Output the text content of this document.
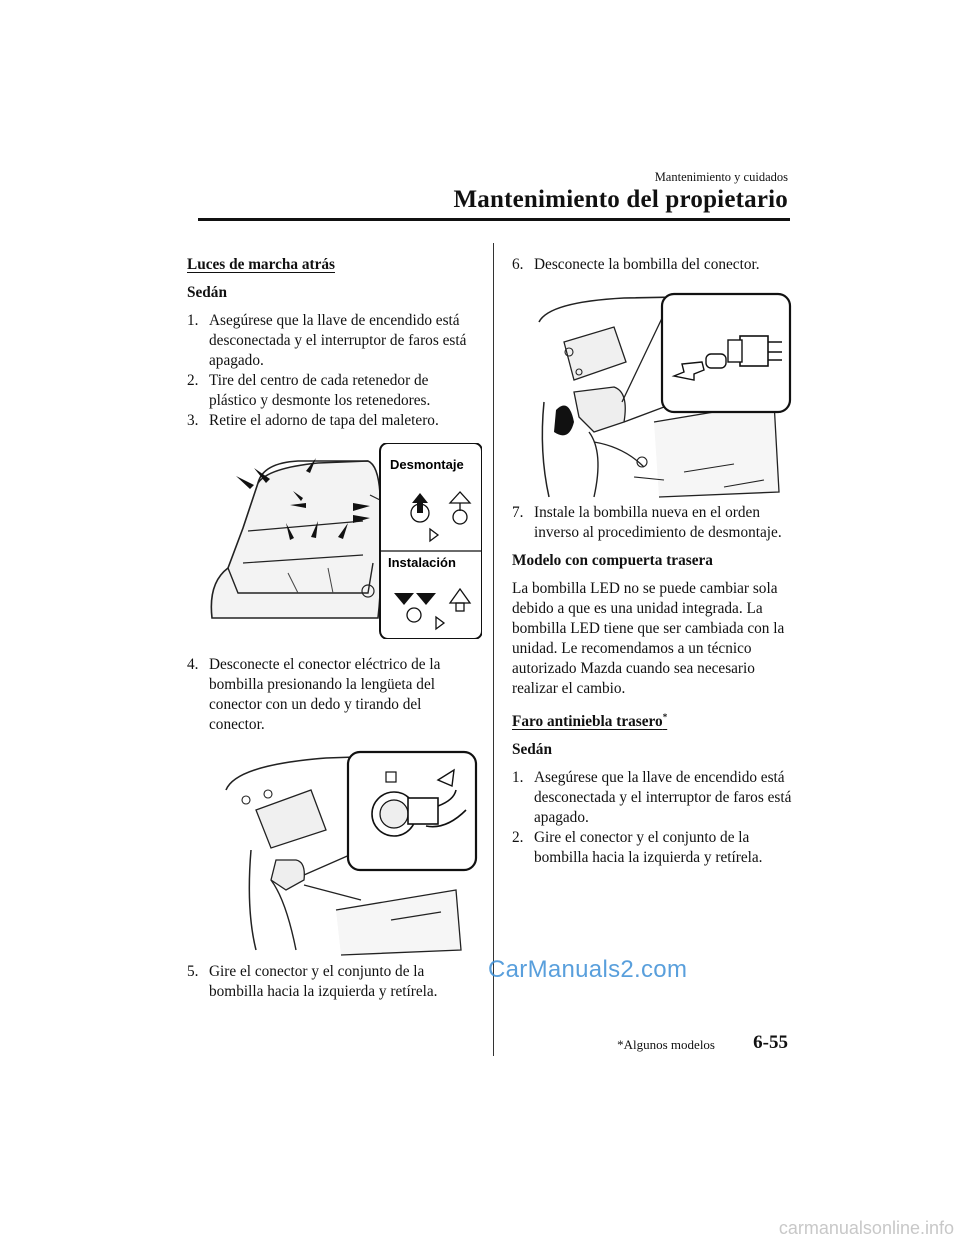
Mantenimiento y cuidados
Mantenimiento del propietario

Luces de marcha atrás

Sedán

1. Asegúrese que la llave de encendido está desconectada y el interruptor de faros está apagado.
2. Tire del centro de cada retenedor de plástico y desmonte los retenedores.
3. Retire el adorno de tapa del maletero.
Desmontaje
Instalación
4. Desconecte el conector eléctrico de la bombilla presionando la lengüeta del conector con un dedo y tirando del conector.
5. Gire el conector y el conjunto de la bombilla hacia la izquierda y retírela.
6. Desconecte la bombilla del conector.
7. Instale la bombilla nueva en el orden inverso al procedimiento de desmontaje.

Modelo con compuerta trasera

La bombilla LED no se puede cambiar sola debido a que es una unidad integrada. La bombilla LED tiene que ser cambiada con la unidad. Le recomendamos a un técnico autorizado Mazda cuando sea necesario realizar el cambio.

Faro antiniebla trasero*

Sedán

1. Asegúrese que la llave de encendido está desconectada y el interruptor de faros está apagado.
2. Gire el conector y el conjunto de la bombilla hacia la izquierda y retírela.
*Algunos modelos 6-55
CarManuals2.com
carmanualsonline.info
